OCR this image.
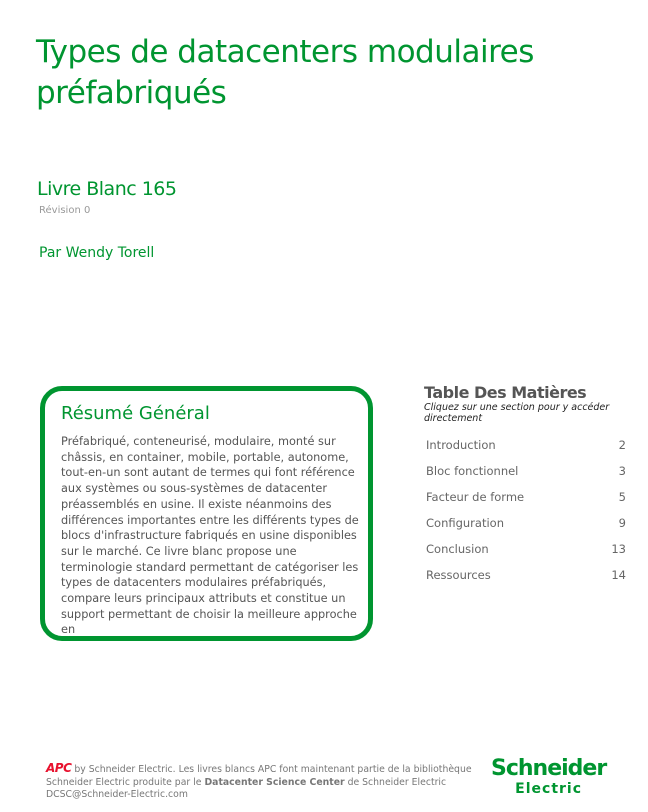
Types de datacenters modulaires préfabriqués
Livre Blanc 165
Révision 0
Par Wendy Torell
Résumé Général

Préfabriqué, conteneurisé, modulaire, monté sur châssis, en container, mobile, portable, autonome, tout-en-un sont autant de termes qui font référence aux systèmes ou sous-systèmes de datacenter préassemblés en usine. Il existe néanmoins des différences importantes entre les différents types de blocs d'infrastructure fabriqués en usine disponibles sur le marché. Ce livre blanc propose une terminologie standard permettant de catégoriser les types de datacenters modulaires préfabriqués, compare leurs principaux attributs et constitue un support permettant de choisir la meilleure approche en

Table Des Matières
Cliquez sur une section pour y accéder directement
Introduction	2
Bloc fonctionnel	3
Facteur de forme	5
Configuration	9
Conclusion	13
Ressources	14
APC by Schneider Electric. Les livres blancs APC font maintenant partie de la bibliothèque
Schneider Electric produite par le Datacenter Science Center de Schneider Electric
DCSC@Schneider-Electric.com
Schneider
Electric
